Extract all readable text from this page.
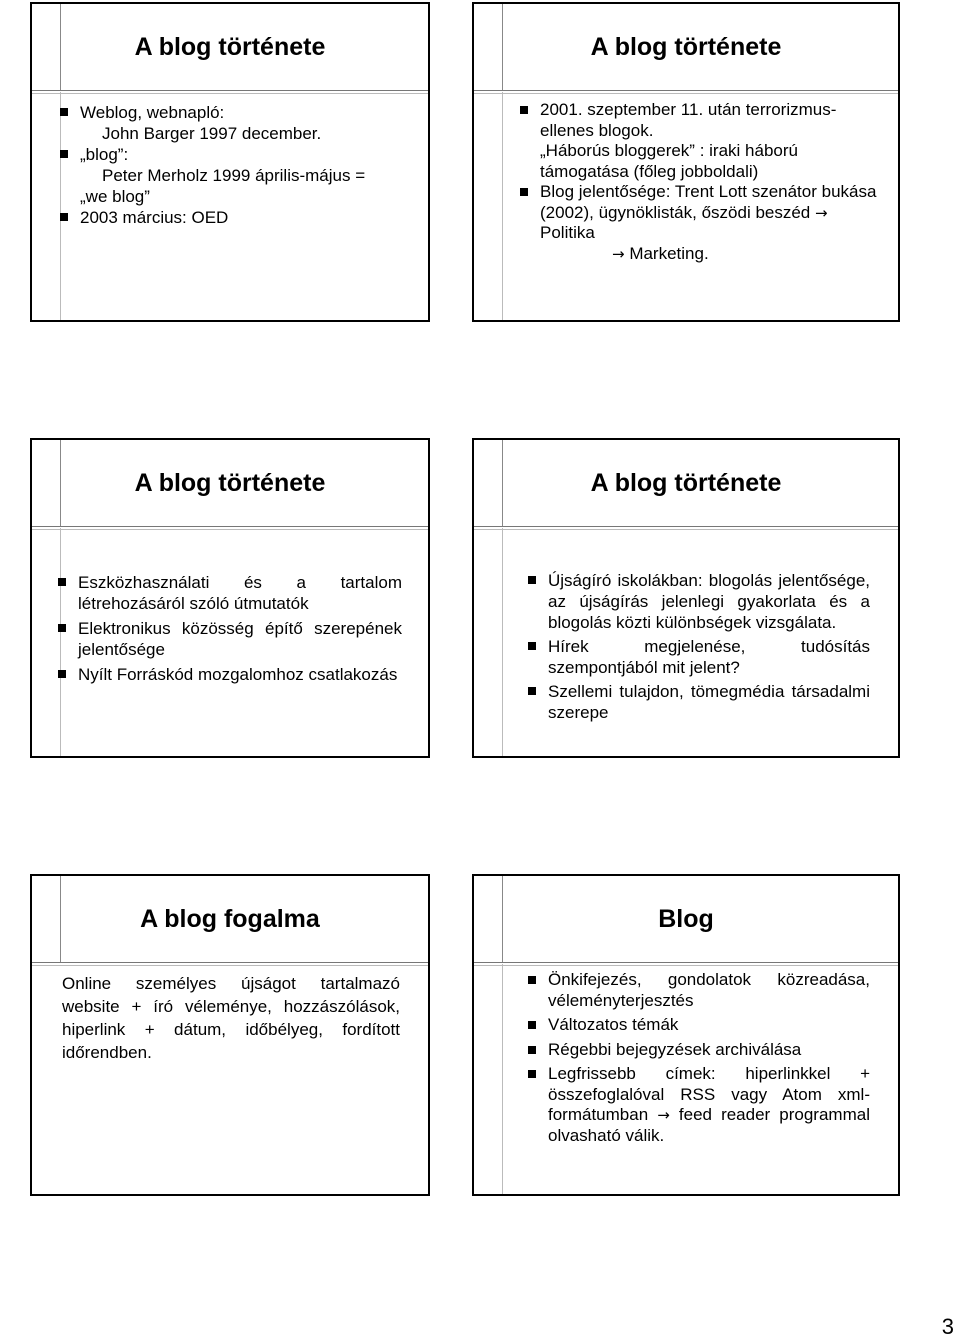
A blog története
Weblog, webnapló:
John Barger 1997 december.
„blog”:
Peter Merholz 1999 április-május =
„we blog”
2003 március: OED
A blog története
2001. szeptember 11. után terrorizmus-ellenes blogok.
„Háborús bloggerek” : iraki háború támogatása (főleg jobboldali)
Blog jelentősége: Trent Lott szenátor bukása (2002), ügynöklisták, őszödi beszéd → Politika
→ Marketing.
A blog története
Eszközhasználati és a tartalom létrehozásáról szóló útmutatók
Elektronikus közösség építő szerepének jelentősége
Nyílt Forráskód mozgalomhoz csatlakozás
A blog története
Újságíró iskolákban: blogolás jelentősége, az újságírás jelenlegi gyakorlata és a blogolás közti különbségek vizsgálata.
Hírek megjelenése, tudósítás szempontjából mit jelent?
Szellemi tulajdon, tömegmédia társadalmi szerepe
A blog fogalma
Online személyes újságot tartalmazó website + író véleménye, hozzászólások, hiperlink + dátum, időbélyeg, fordított időrendben.
Blog
Önkifejezés, gondolatok közreadása, véleményterjesztés
Változatos témák
Régebbi bejegyzések archiválása
Legfrissebb címek: hiperlinkkel + összefoglalóval RSS vagy Atom xml-formátumban → feed reader programmal olvasható válik.
3
